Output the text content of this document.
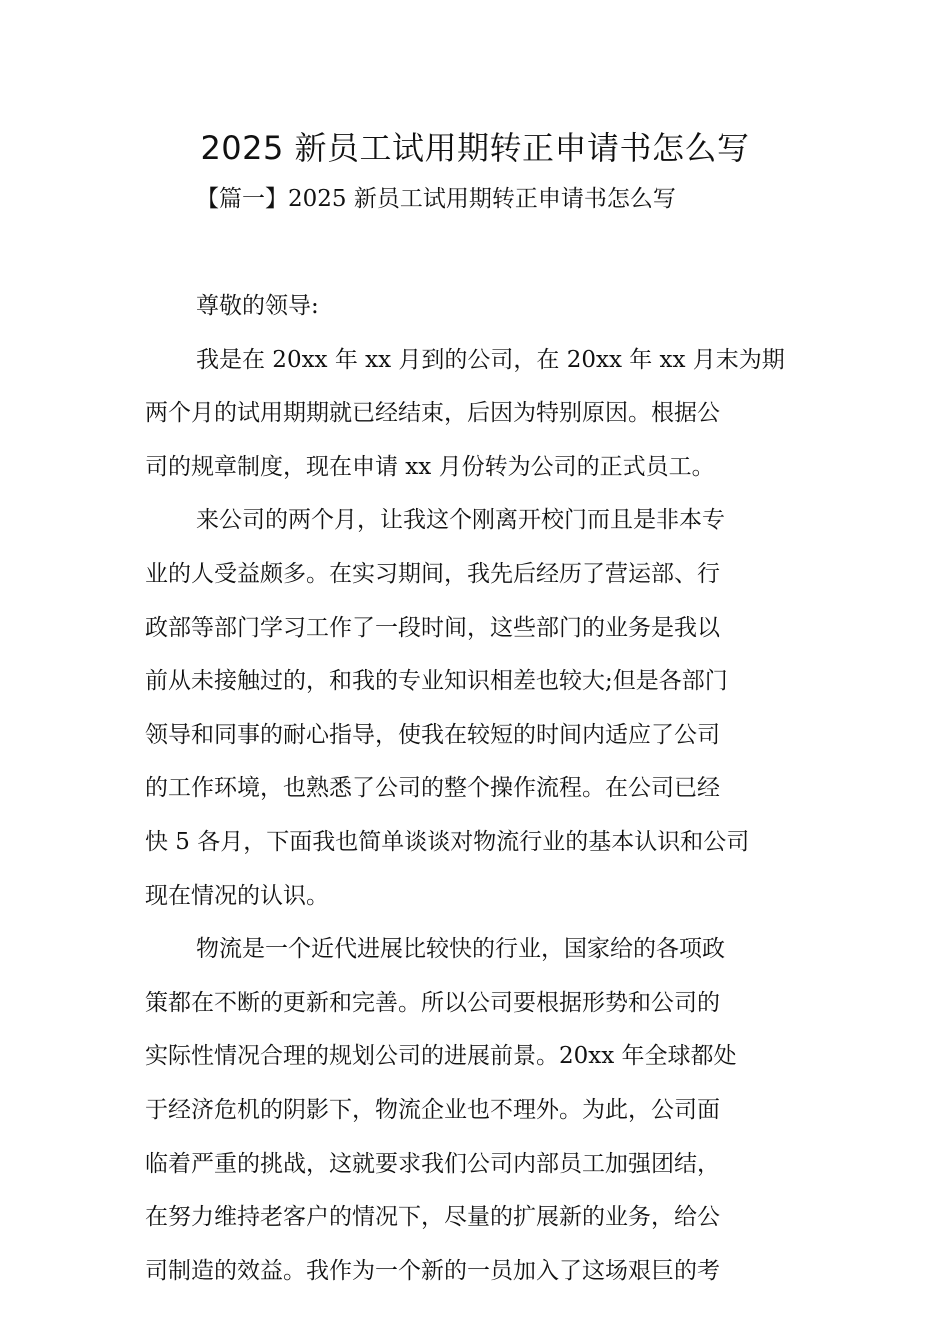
2025 新员工试用期转正申请书怎么写
【篇一】2025 新员工试用期转正申请书怎么写
尊敬的领导:
我是在 20xx 年 xx 月到的公司，在 20xx 年 xx 月末为期
两个月的试用期期就已经结束，后因为特别原因。根据公
司的规章制度，现在申请 xx 月份转为公司的正式员工。
来公司的两个月，让我这个刚离开校门而且是非本专
业的人受益颇多。在实习期间，我先后经历了营运部、行
政部等部门学习工作了一段时间，这些部门的业务是我以
前从未接触过的，和我的专业知识相差也较大;但是各部门
领导和同事的耐心指导，使我在较短的时间内适应了公司
的工作环境，也熟悉了公司的整个操作流程。在公司已经
快 5 各月，下面我也简单谈谈对物流行业的基本认识和公司
现在情况的认识。
物流是一个近代进展比较快的行业，国家给的各项政
策都在不断的更新和完善。所以公司要根据形势和公司的
实际性情况合理的规划公司的进展前景。20xx 年全球都处
于经济危机的阴影下，物流企业也不理外。为此，公司面
临着严重的挑战，这就要求我们公司内部员工加强团结，
在努力维持老客户的情况下，尽量的扩展新的业务，给公
司制造的效益。我作为一个新的一员加入了这场艰巨的考
